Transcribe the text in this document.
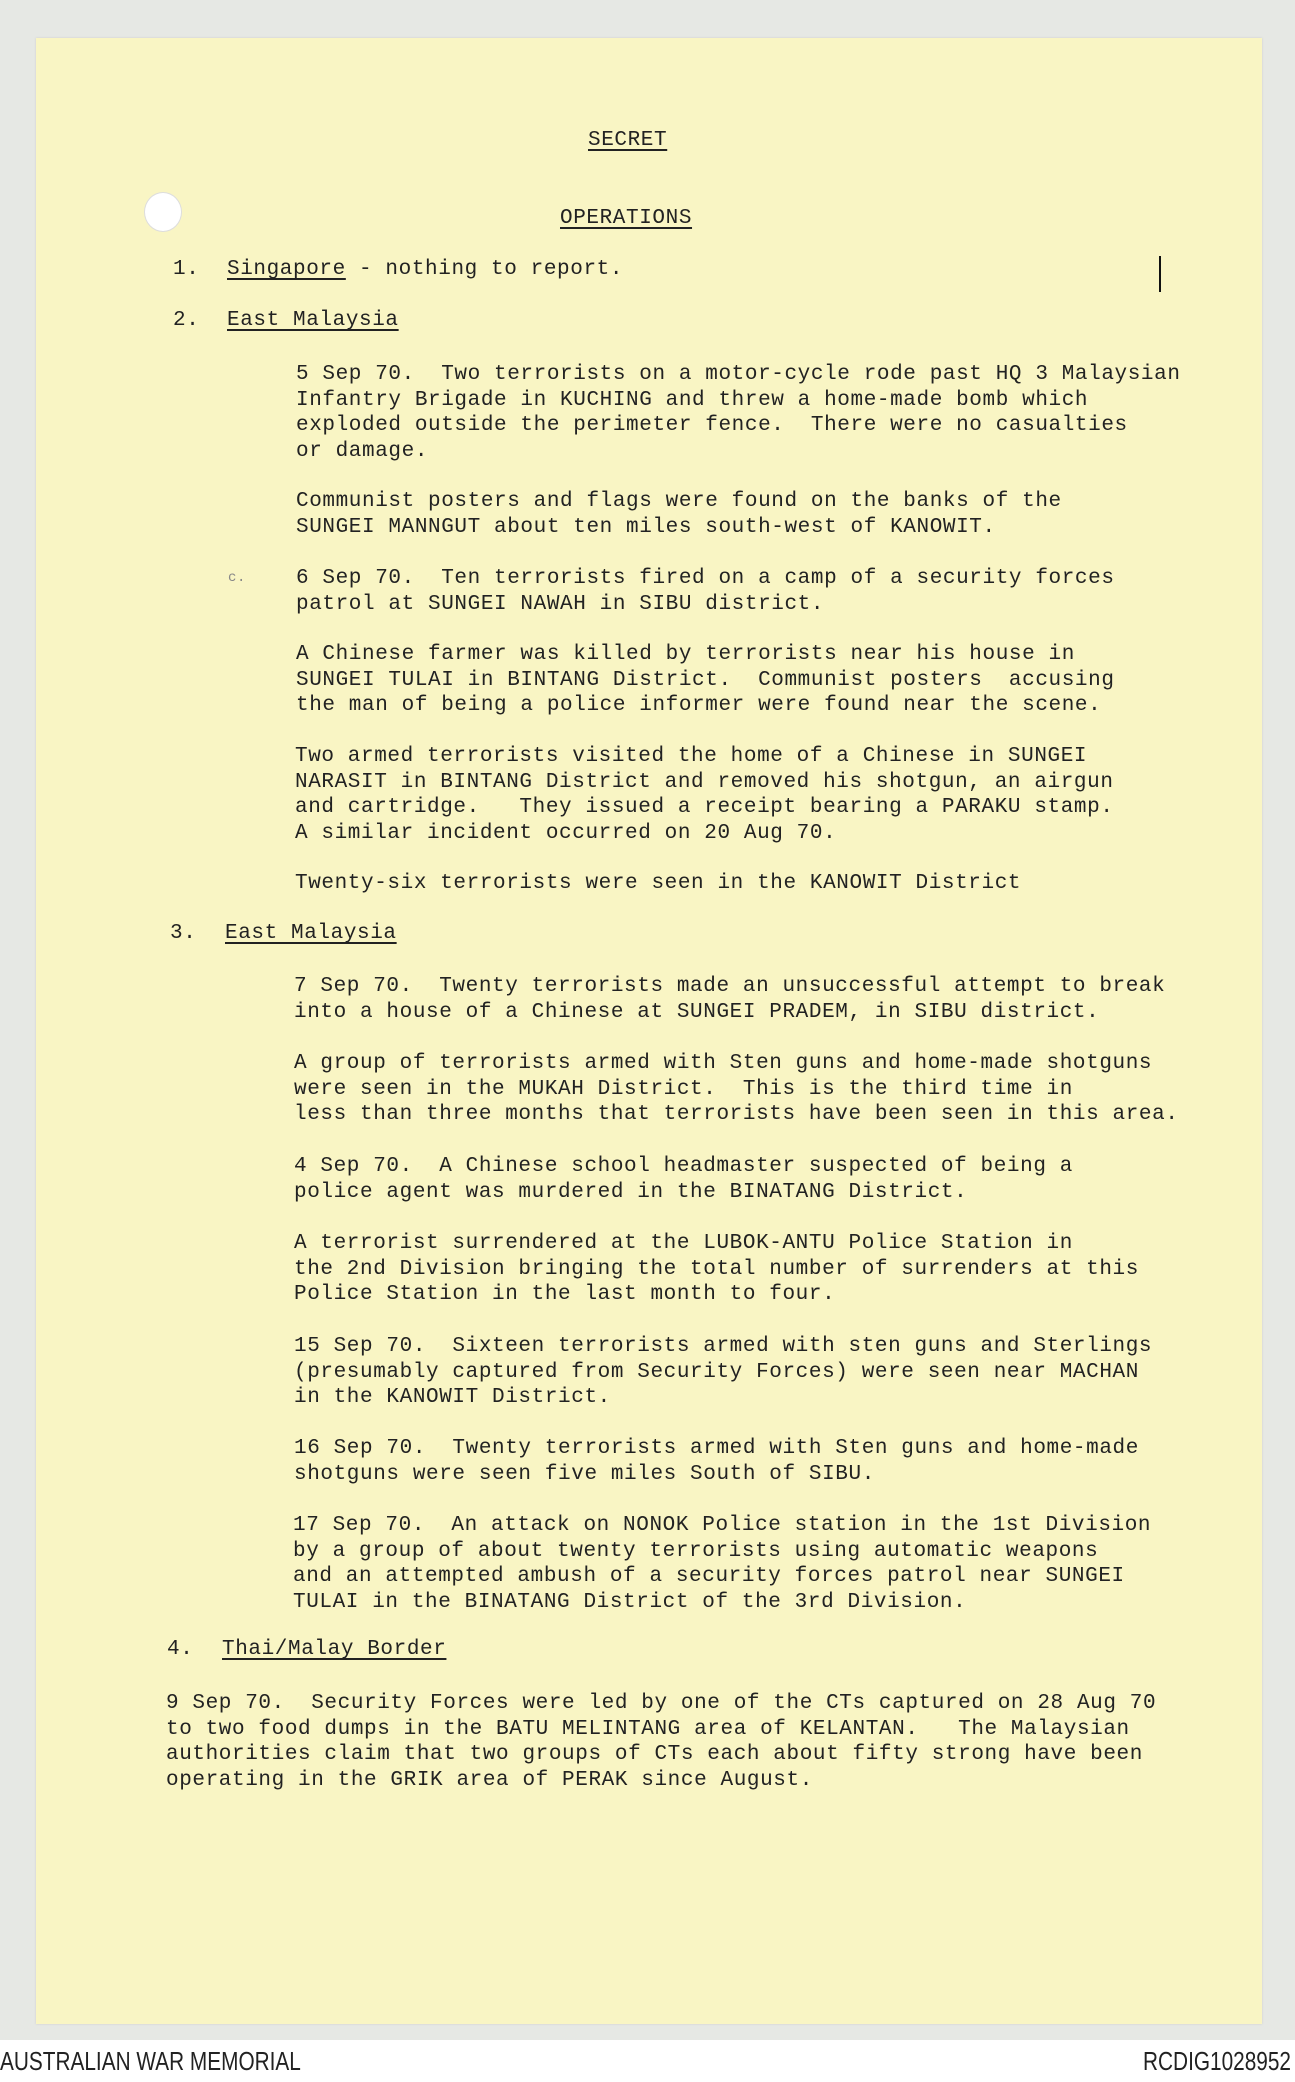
SECRET
OPERATIONS
1. Singapore - nothing to report.
2. East Malaysia
5 Sep 70.  Two terrorists on a motor-cycle rode past HQ 3 Malaysian
Infantry Brigade in KUCHING and threw a home-made bomb which
exploded outside the perimeter fence.  There were no casualties
or damage.
Communist posters and flags were found on the banks of the
SUNGEI MANNGUT about ten miles south-west of KANOWIT.
c. 6 Sep 70.  Ten terrorists fired on a camp of a security forces
patrol at SUNGEI NAWAH in SIBU district.
A Chinese farmer was killed by terrorists near his house in
SUNGEI TULAI in BINTANG District.  Communist posters  accusing
the man of being a police informer were found near the scene.
Two armed terrorists visited the home of a Chinese in SUNGEI
NARASIT in BINTANG District and removed his shotgun, an airgun
and cartridge.   They issued a receipt bearing a PARAKU stamp.
A similar incident occurred on 20 Aug 70.
Twenty-six terrorists were seen in the KANOWIT District
3. East Malaysia
7 Sep 70.  Twenty terrorists made an unsuccessful attempt to break
into a house of a Chinese at SUNGEI PRADEM, in SIBU district.
A group of terrorists armed with Sten guns and home-made shotguns
were seen in the MUKAH District.  This is the third time in
less than three months that terrorists have been seen in this area.
4 Sep 70.  A Chinese school headmaster suspected of being a
police agent was murdered in the BINATANG District.
A terrorist surrendered at the LUBOK-ANTU Police Station in
the 2nd Division bringing the total number of surrenders at this
Police Station in the last month to four.
15 Sep 70.  Sixteen terrorists armed with sten guns and Sterlings
(presumably captured from Security Forces) were seen near MACHAN
in the KANOWIT District.
16 Sep 70.  Twenty terrorists armed with Sten guns and home-made
shotguns were seen five miles South of SIBU.
17 Sep 70.  An attack on NONOK Police station in the 1st Division
by a group of about twenty terrorists using automatic weapons
and an attempted ambush of a security forces patrol near SUNGEI
TULAI in the BINATANG District of the 3rd Division.
4. Thai/Malay Border
9 Sep 70.  Security Forces were led by one of the CTs captured on 28 Aug 70
to two food dumps in the BATU MELINTANG area of KELANTAN.   The Malaysian
authorities claim that two groups of CTs each about fifty strong have been
operating in the GRIK area of PERAK since August.
AUSTRALIAN WAR MEMORIAL	RCDIG1028952
